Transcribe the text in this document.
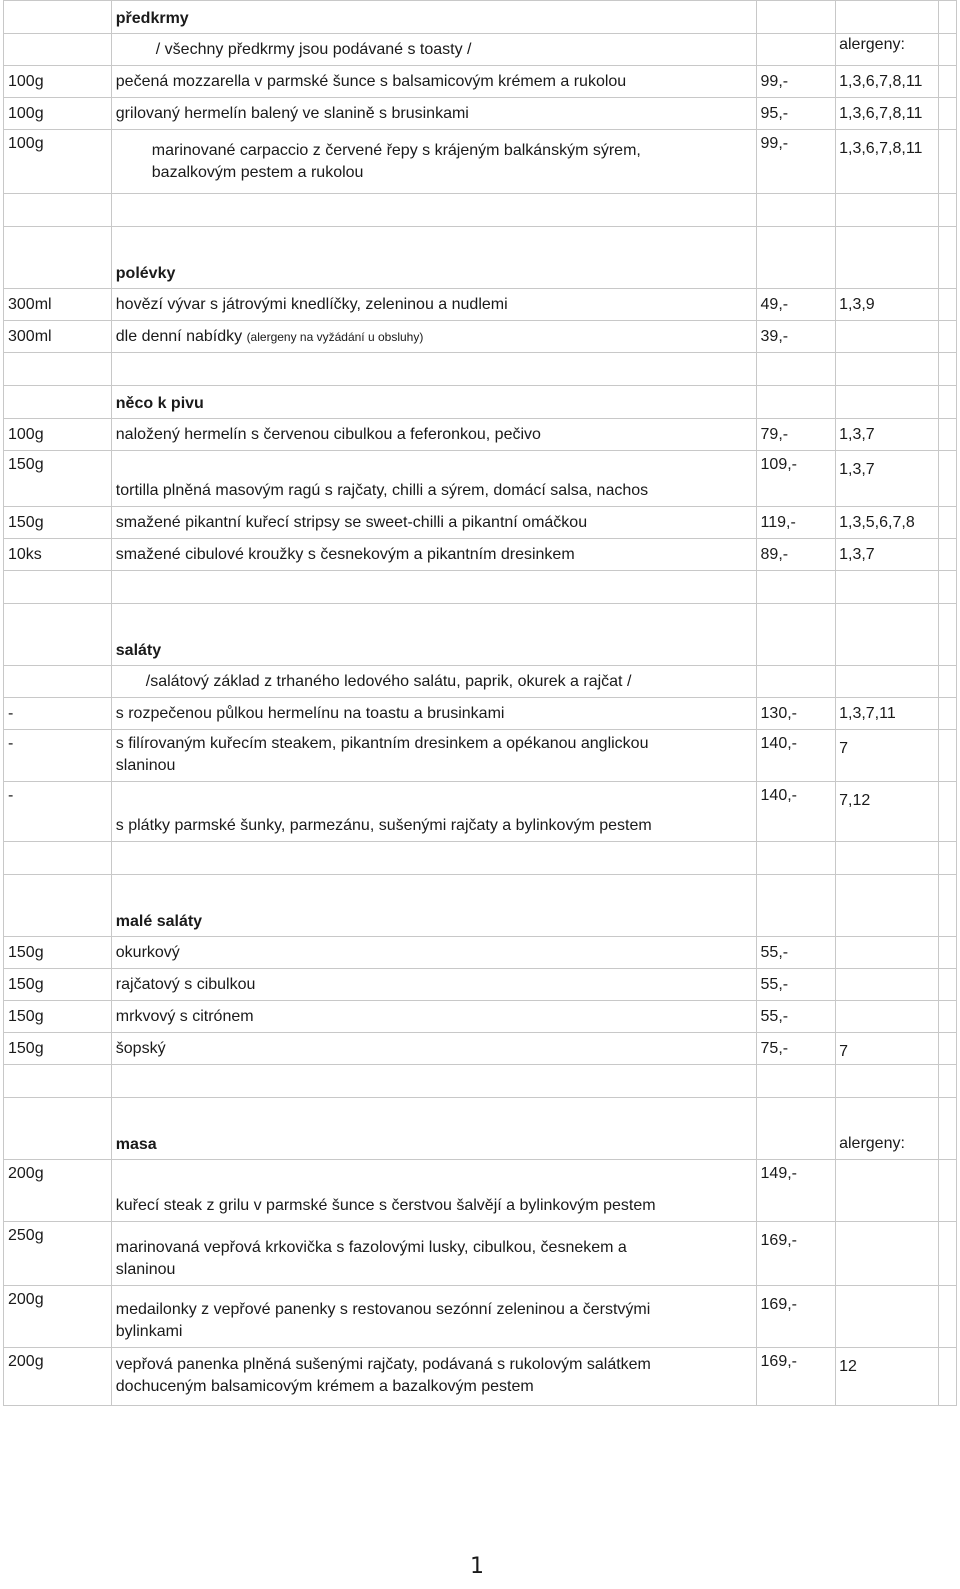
	předkrmy			
	/ všechny předkrmy jsou podávané s toasty /		alergeny:	
100g	pečená mozzarella v parmské šunce s balsamicovým krémem a rukolou	99,-	1,3,6,7,8,11	
100g	grilovaný hermelín balený ve slanině s brusinkami	95,-	1,3,6,7,8,11	
100g	marinované carpaccio z červené řepy s krájeným balkánským sýrem,
bazalkovým pestem a rukolou	99,-	1,3,6,7,8,11	

	polévky			
300ml	hovězí vývar s játrovými knedlíčky, zeleninou a nudlemi	49,-	1,3,9	
300ml	dle denní nabídky (alergeny na vyžádání u obsluhy)	39,-		

	něco k pivu			
100g	naložený hermelín s červenou cibulkou a feferonkou, pečivo	79,-	1,3,7	
150g	tortilla plněná masovým ragú s rajčaty, chilli a sýrem, domácí salsa, nachos	109,-	1,3,7	
150g	smažené pikantní kuřecí stripsy se sweet-chilli a pikantní omáčkou	119,-	1,3,5,6,7,8	
10ks	smažené cibulové kroužky s česnekovým a pikantním dresinkem	89,-	1,3,7	

	saláty			
	/salátový základ z trhaného ledového salátu, paprik, okurek a rajčat /			
-	s rozpečenou půlkou hermelínu na toastu a brusinkami	130,-	1,3,7,11	
-	s filírovaným kuřecím steakem, pikantním dresinkem a opékanou anglickou
slaninou	140,-	7	
-	s plátky parmské šunky, parmezánu, sušenými rajčaty a bylinkovým pestem	140,-	7,12	

	malé saláty			
150g	okurkový	55,-		
150g	rajčatový s cibulkou	55,-		
150g	mrkvový s citrónem	55,-		
150g	šopský	75,-	7	

	masa		alergeny:	
200g	kuřecí steak z grilu v parmské šunce s čerstvou šalvějí a bylinkovým pestem	149,-		
250g	marinovaná vepřová krkovička s fazolovými lusky, cibulkou, česnekem a
slaninou	169,-		
200g	medailonky z vepřové panenky s restovanou sezónní zeleninou a čerstvými
bylinkami	169,-		
200g	vepřová panenka plněná sušenými rajčaty, podávaná s rukolovým salátkem
dochuceným balsamicovým krémem a bazalkovým pestem	169,-	12	
1
